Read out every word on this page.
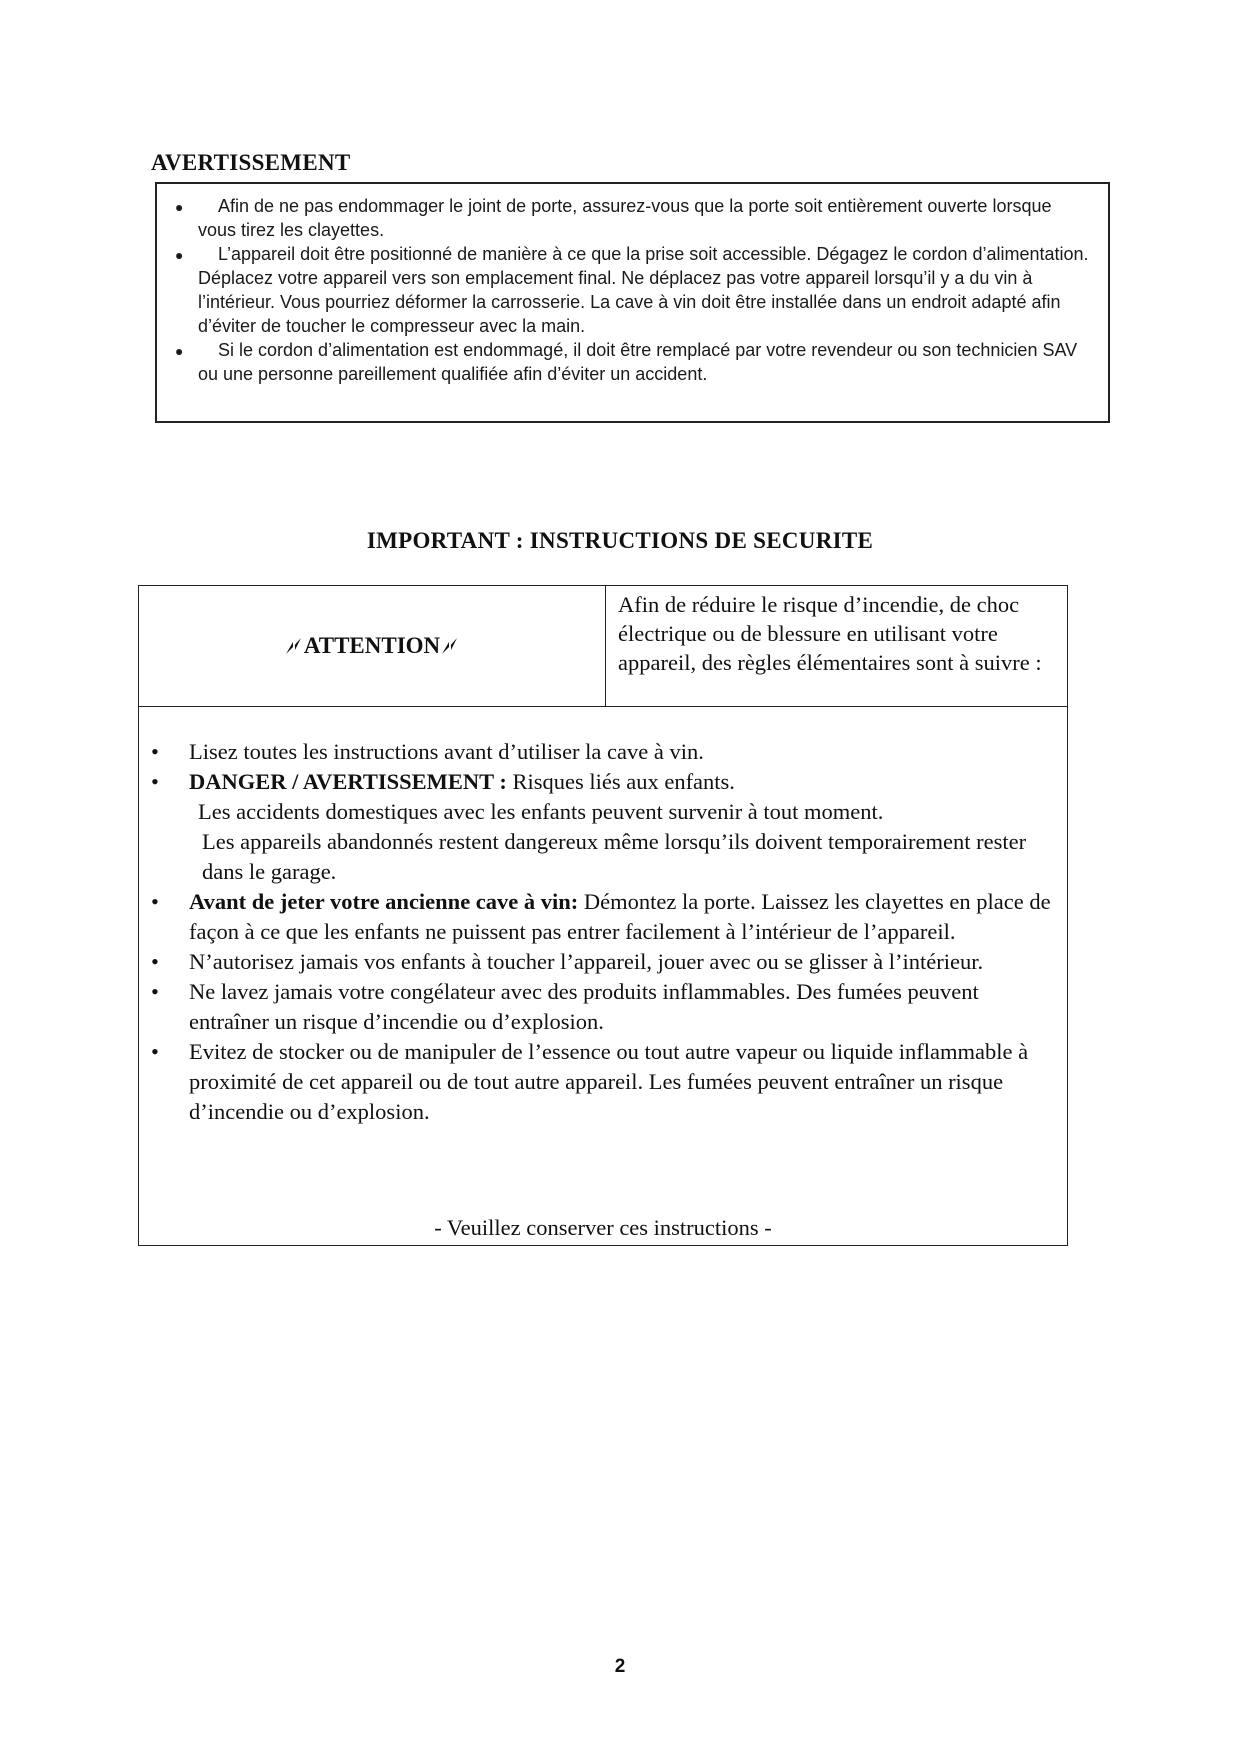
AVERTISSEMENT
● Afin de ne pas endommager le joint de porte, assurez-vous que la porte soit entièrement ouverte lorsque vous tirez les clayettes.
● L’appareil doit être positionné de manière à ce que la prise soit accessible. Dégagez le cordon d’alimentation. Déplacez votre appareil vers son emplacement final. Ne déplacez pas votre appareil lorsqu’il y a du vin à l’intérieur. Vous pourriez déformer la carrosserie. La cave à vin doit être installée dans un endroit adapté afin d’éviter de toucher le compresseur avec la main.
● Si le cordon d’alimentation est endommagé, il doit être remplacé par votre revendeur ou son technicien SAV ou une personne pareillement qualifiée afin d’éviter un accident.
IMPORTANT : INSTRUCTIONS DE SECURITE
ATTENTION
Afin de réduire le risque d’incendie, de choc électrique ou de blessure en utilisant votre appareil, des règles élémentaires sont à suivre :
• Lisez toutes les instructions avant d’utiliser la cave à vin.
• DANGER / AVERTISSEMENT : Risques liés aux enfants.
Les accidents domestiques avec les enfants peuvent survenir à tout moment.
Les appareils abandonnés restent dangereux même lorsqu’ils doivent temporairement rester dans le garage.
• Avant de jeter votre ancienne cave à vin: Démontez la porte. Laissez les clayettes en place de façon à ce que les enfants ne puissent pas entrer facilement à l’intérieur de l’appareil.
• N’autorisez jamais vos enfants à toucher l’appareil, jouer avec ou se glisser à l’intérieur.
• Ne lavez jamais votre congélateur avec des produits inflammables. Des fumées peuvent entraîner un risque d’incendie ou d’explosion.
• Evitez de stocker ou de manipuler de l’essence ou tout autre vapeur ou liquide inflammable à proximité de cet appareil ou de tout autre appareil. Les fumées peuvent entraîner un risque d’incendie ou d’explosion.
- Veuillez conserver ces instructions -
2
